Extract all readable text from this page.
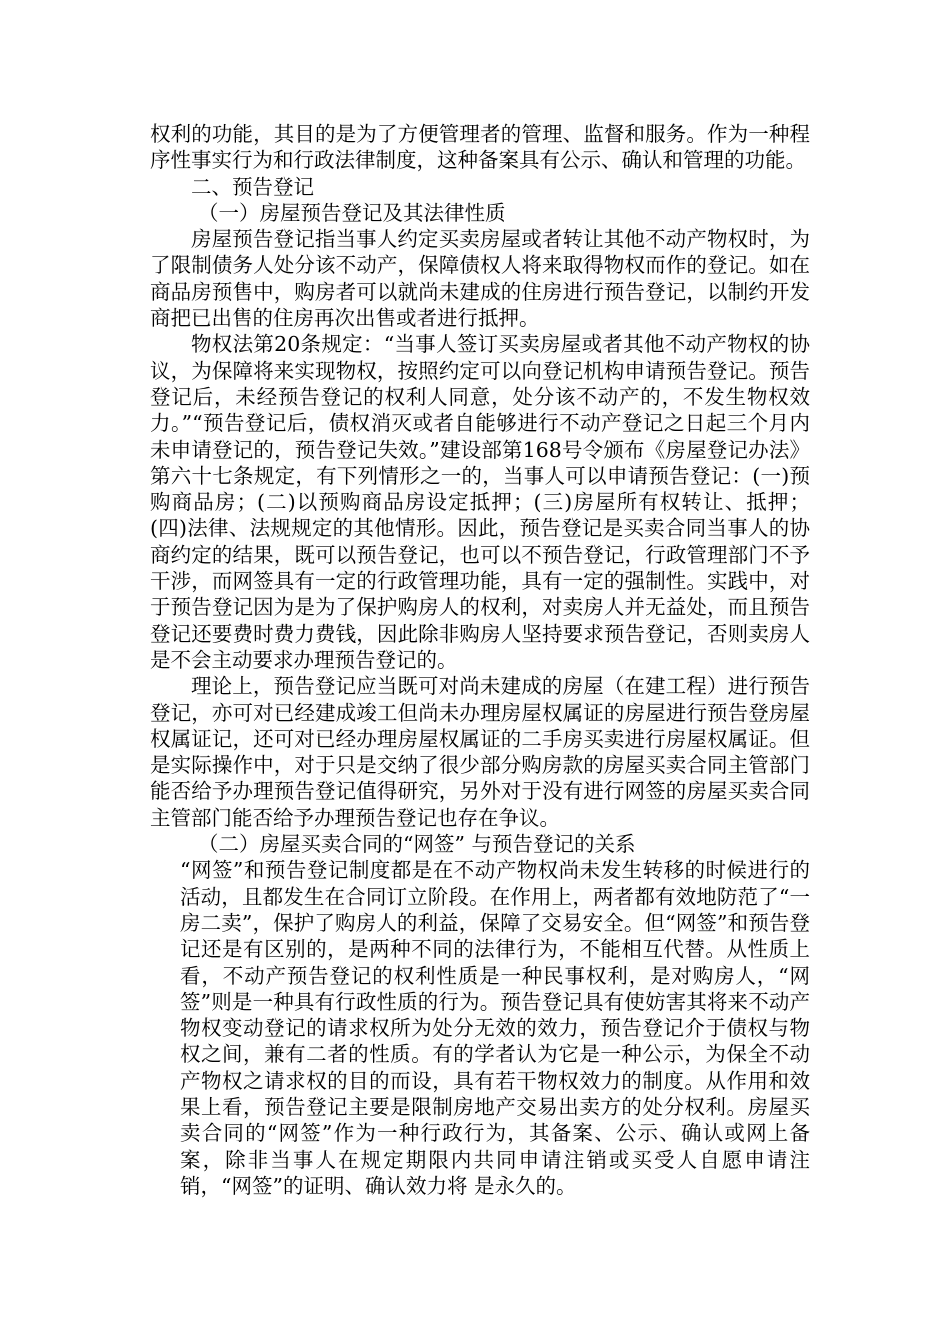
权利的功能，其目的是为了方便管理者的管理、监督和服务。作为一种程序性事实行为和行政法律制度，这种备案具有公示、确认和管理的功能。

二、预告登记

（一）房屋预告登记及其法律性质

房屋预告登记指当事人约定买卖房屋或者转让其他不动产物权时，为了限制债务人处分该不动产，保障债权人将来取得物权而作的登记。如在商品房预售中，购房者可以就尚未建成的住房进行预告登记，以制约开发商把已出售的住房再次出售或者进行抵押。

物权法第20条规定：“当事人签订买卖房屋或者其他不动产物权的协议，为保障将来实现物权，按照约定可以向登记机构申请预告登记。预告登记后，未经预告登记的权利人同意，处分该不动产的，不发生物权效力。”“预告登记后，债权消灭或者自能够进行不动产登记之日起三个月内未申请登记的，预告登记失效。”建设部第168号令颁布《房屋登记办法》第六十七条规定，有下列情形之一的，当事人可以申请预告登记：(一)预购商品房；(二)以预购商品房设定抵押；(三)房屋所有权转让、抵押；(四)法律、法规规定的其他情形。因此，预告登记是买卖合同当事人的协商约定的结果，既可以预告登记，也可以不预告登记，行政管理部门不予干涉，而网签具有一定的行政管理功能，具有一定的强制性。实践中，对于预告登记因为是为了保护购房人的权利，对卖房人并无益处，而且预告登记还要费时费力费钱，因此除非购房人坚持要求预告登记，否则卖房人是不会主动要求办理预告登记的。

理论上，预告登记应当既可对尚未建成的房屋（在建工程）进行预告登记，亦可对已经建成竣工但尚未办理房屋权属证的房屋进行预告登房屋权属证记，还可对已经办理房屋权属证的二手房买卖进行房屋权属证。但是实际操作中，对于只是交纳了很少部分购房款的房屋买卖合同主管部门能否给予办理预告登记值得研究，另外对于没有进行网签的房屋买卖合同主管部门能否给予办理预告登记也存在争议。

（二）房屋买卖合同的“网签” 与预告登记的关系

“网签”和预告登记制度都是在不动产物权尚未发生转移的时候进行的活动，且都发生在合同订立阶段。在作用上，两者都有效地防范了“一房二卖”，保护了购房人的利益，保障了交易安全。但“网签”和预告登记还是有区别的，是两种不同的法律行为，不能相互代替。从性质上看，不动产预告登记的权利性质是一种民事权利，是对购房人，“网签”则是一种具有行政性质的行为。预告登记具有使妨害其将来不动产物权变动登记的请求权所为处分无效的效力，预告登记介于债权与物权之间，兼有二者的性质。有的学者认为它是一种公示，为保全不动产物权之请求权的目的而设，具有若干物权效力的制度。从作用和效果上看，预告登记主要是限制房地产交易出卖方的处分权利。房屋买卖合同的“网签”作为一种行政行为，其备案、公示、确认或网上备案，除非当事人在规定期限内共同申请注销或买受人自愿申请注销，“网签”的证明、确认效力将 是永久的。
